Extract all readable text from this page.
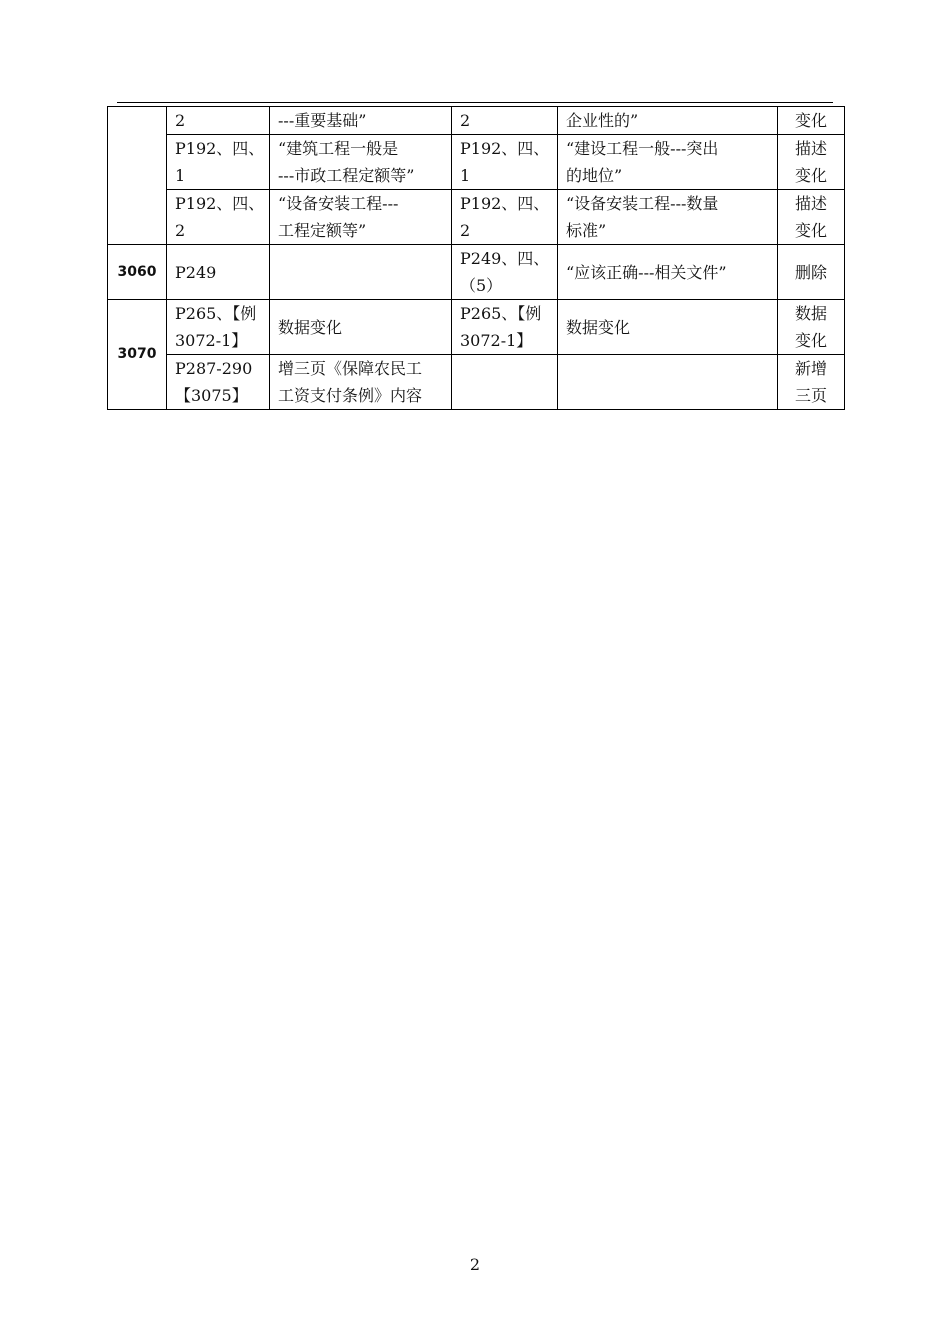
	2	---重要基础”	2	企业性的”	变化

	P192、四、
1	“建筑工程一般是
---市政工程定额等”	P192、四、
1	“建设工程一般---突出
的地位”	描述
变化

	P192、四、
2	“设备安装工程---
工程定额等”	P192、四、
2	“设备安装工程---数量
标准”	描述
变化

3060	P249		P249、四、
（5）	“应该正确---相关文件”	删除

3070	P265、【例
3072-1】	数据变化	P265、【例
3072-1】	数据变化	数据
变化

	P287-290
【3075】	增三页《保障农民工
工资支付条例》内容			新增
三页
2
